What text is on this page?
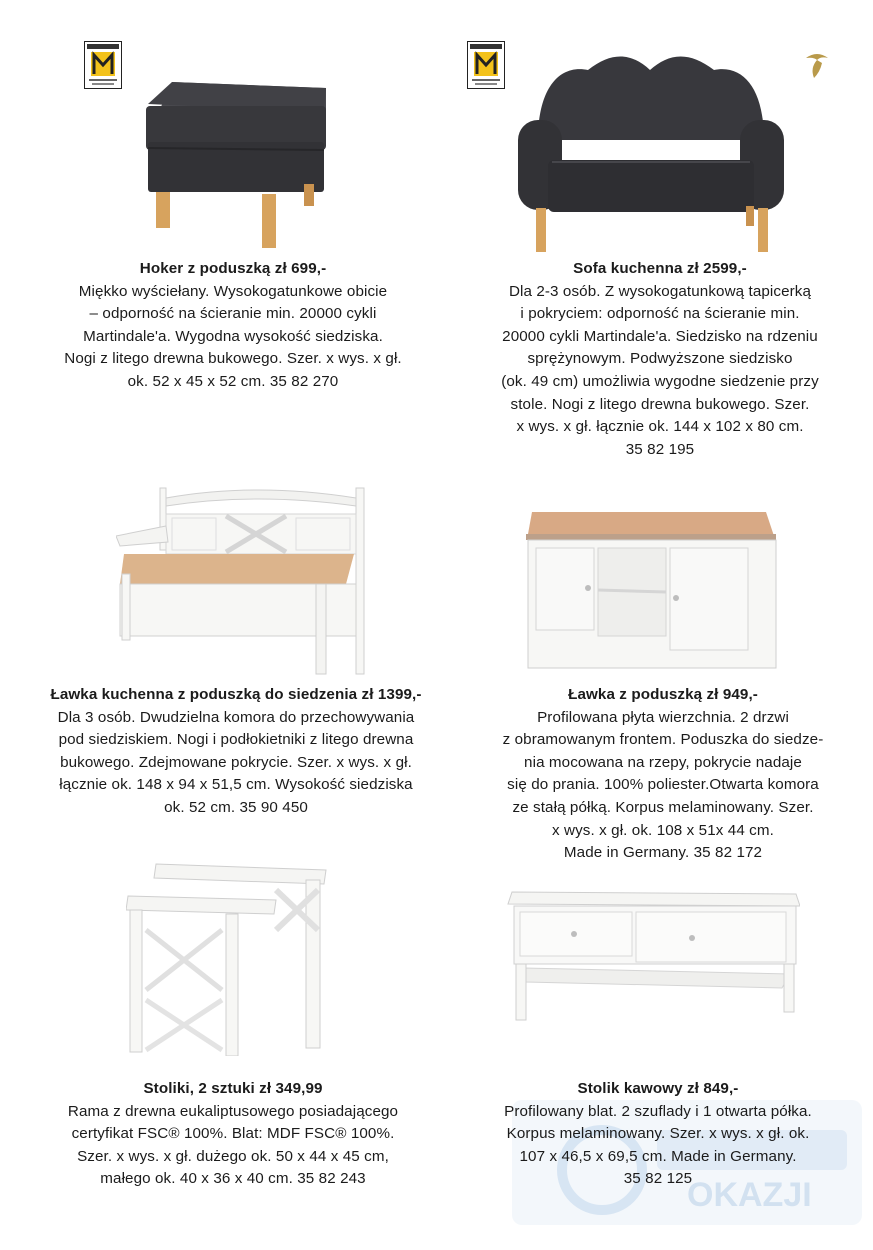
OKAZJI
Hoker z poduszką zł 699,-
Miękko wyściełany. Wysokogatunkowe obicie
– odporność na ścieranie min. 20000 cykli
Martindale'a. Wygodna wysokość siedziska.
Nogi z litego drewna bukowego. Szer. x wys. x gł.
ok. 52 x 45 x 52 cm. 35 82 270
Sofa kuchenna zł 2599,-
Dla 2-3 osób. Z wysokogatunkową tapicerką
i pokryciem: odporność na ścieranie min.
20000 cykli Martindale'a. Siedzisko na rdzeniu
sprężynowym. Podwyższone siedzisko
(ok. 49 cm) umożliwia wygodne siedzenie przy
stole. Nogi z litego drewna bukowego. Szer.
x wys. x gł. łącznie ok. 144 x 102 x 80 cm.
35 82 195
Ławka kuchenna z poduszką do siedzenia zł 1399,-
Dla 3 osób. Dwudzielna komora do przechowywania
pod siedziskiem. Nogi i podłokietniki z litego drewna
bukowego. Zdejmowane pokrycie. Szer. x wys. x gł.
łącznie ok. 148 x 94 x 51,5 cm. Wysokość siedziska
ok. 52 cm. 35 90 450
Ławka z poduszką zł 949,-
Profilowana płyta wierzchnia. 2 drzwi
z obramowanym frontem. Poduszka do siedze-
nia mocowana na rzepy, pokrycie nadaje
się do prania. 100% poliester.Otwarta komora
ze stałą półką. Korpus melaminowany. Szer.
x wys. x gł. ok. 108 x 51x 44 cm.
Made in Germany. 35 82 172
Stoliki, 2 sztuki zł 349,99
Rama z drewna eukaliptusowego posiadającego
certyfikat FSC® 100%. Blat: MDF FSC® 100%.
Szer. x wys. x gł. dużego ok. 50 x 44 x 45 cm,
małego ok. 40 x 36 x 40 cm. 35 82 243
Stolik kawowy zł 849,-
Profilowany blat. 2 szuflady i 1 otwarta półka.
Korpus melaminowany. Szer. x wys. x gł. ok.
107 x 46,5 x 69,5 cm. Made in Germany.
35 82 125
